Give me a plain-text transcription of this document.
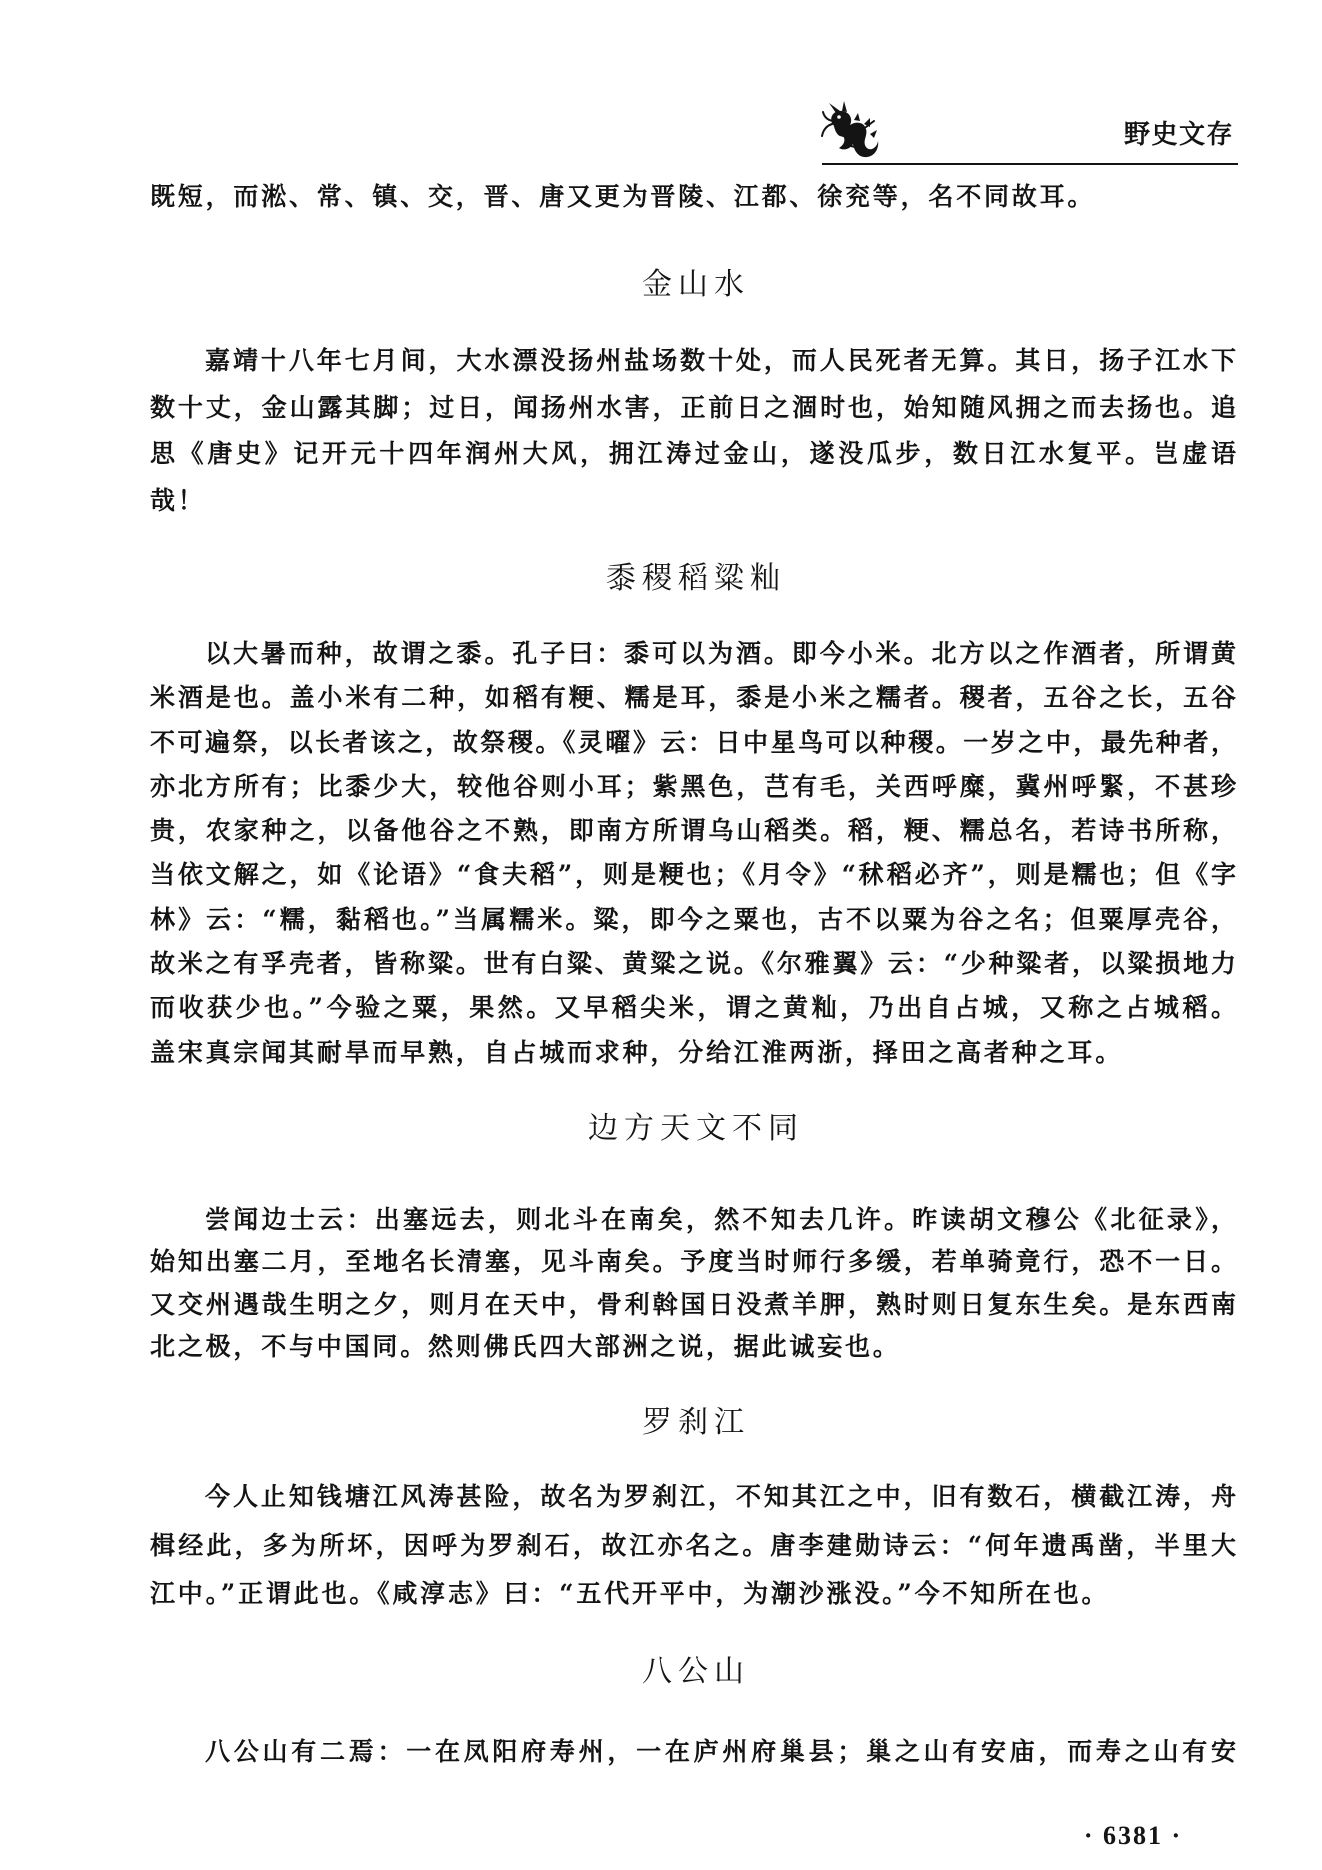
野史文存
既短，而淞、常、镇、交，晋、唐又更为晋陵、江都、徐兖等，名不同故耳。
金山水
嘉靖十八年七月间，大水漂没扬州盐场数十处，而人民死者无算。其日，扬子江水下
数十丈，金山露其脚；过日，闻扬州水害，正前日之涸时也，始知随风拥之而去扬也。追
思《唐史》记开元十四年润州大风，拥江涛过金山，遂没瓜步，数日江水复平。岂虚语
哉！
黍稷稻粱籼
以大暑而种，故谓之黍。孔子曰：黍可以为酒。即今小米。北方以之作酒者，所谓黄
米酒是也。盖小米有二种，如稻有粳、糯是耳，黍是小米之糯者。稷者，五谷之长，五谷
不可遍祭，以长者该之，故祭稷。《灵曜》云：日中星鸟可以种稷。一岁之中，最先种者，
亦北方所有；比黍少大，较他谷则小耳；紫黑色，芑有毛，关西呼糜，冀州呼緊，不甚珍
贵，农家种之，以备他谷之不熟，即南方所谓乌山稻类。稻，粳、糯总名，若诗书所称，
当依文解之，如《论语》“食夫稻”，则是粳也；《月令》“秫稻必齐”，则是糯也；但《字
林》云：“糯，黏稻也。”当属糯米。粱，即今之粟也，古不以粟为谷之名；但粟厚壳谷，
故米之有孚壳者，皆称粱。世有白粱、黄粱之说。《尔雅翼》云：“少种粱者，以粱损地力
而收获少也。”今验之粟，果然。又早稻尖米，谓之黄籼，乃出自占城，又称之占城稻。
盖宋真宗闻其耐旱而早熟，自占城而求种，分给江淮两浙，择田之高者种之耳。
边方天文不同
尝闻边士云：出塞远去，则北斗在南矣，然不知去几许。昨读胡文穆公《北征录》，
始知出塞二月，至地名长清塞，见斗南矣。予度当时师行多缓，若单骑竟行，恐不一日。
又交州遇哉生明之夕，则月在天中，骨利斡国日没煮羊胛，熟时则日复东生矣。是东西南
北之极，不与中国同。然则佛氏四大部洲之说，据此诚妄也。
罗刹江
今人止知钱塘江风涛甚险，故名为罗刹江，不知其江之中，旧有数石，横截江涛，舟
楫经此，多为所坏，因呼为罗刹石，故江亦名之。唐李建勋诗云：“何年遗禹凿，半里大
江中。”正谓此也。《咸淳志》曰：“五代开平中，为潮沙涨没。”今不知所在也。
八公山
八公山有二焉：一在凤阳府寿州，一在庐州府巢县；巢之山有安庙，而寿之山有安
· 6381 ·
